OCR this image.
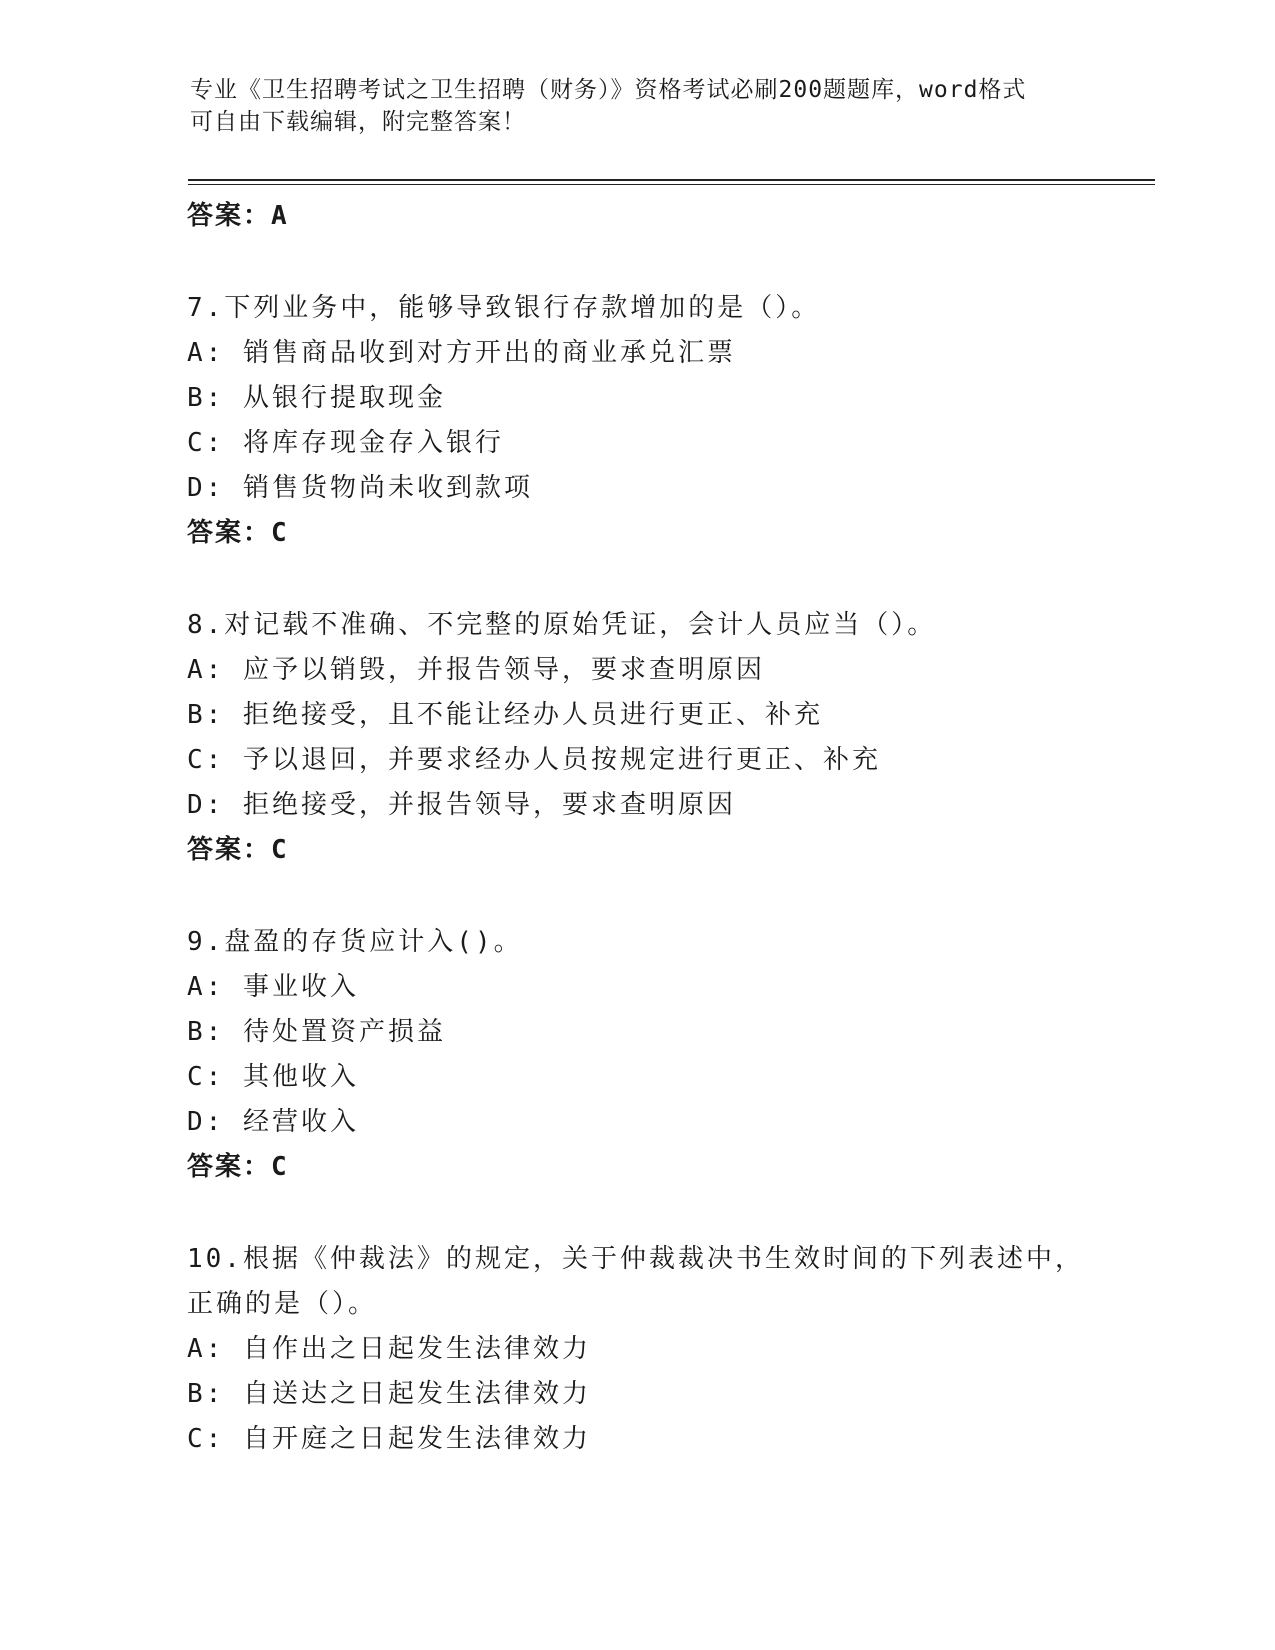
专业《卫生招聘考试之卫生招聘（财务）》资格考试必刷200题题库，word格式
可自由下载编辑，附完整答案！
答案：A
7.下列业务中，能够导致银行存款增加的是（）。
A: 销售商品收到对方开出的商业承兑汇票
B: 从银行提取现金
C: 将库存现金存入银行
D: 销售货物尚未收到款项
答案：C
8.对记载不准确、不完整的原始凭证，会计人员应当（）。
A: 应予以销毁，并报告领导，要求查明原因
B: 拒绝接受，且不能让经办人员进行更正、补充
C: 予以退回，并要求经办人员按规定进行更正、补充
D: 拒绝接受，并报告领导，要求查明原因
答案：C
9.盘盈的存货应计入()。
A: 事业收入
B: 待处置资产损益
C: 其他收入
D: 经营收入
答案：C
10.根据《仲裁法》的规定，关于仲裁裁决书生效时间的下列表述中，
正确的是（）。
A: 自作出之日起发生法律效力
B: 自送达之日起发生法律效力
C: 自开庭之日起发生法律效力
